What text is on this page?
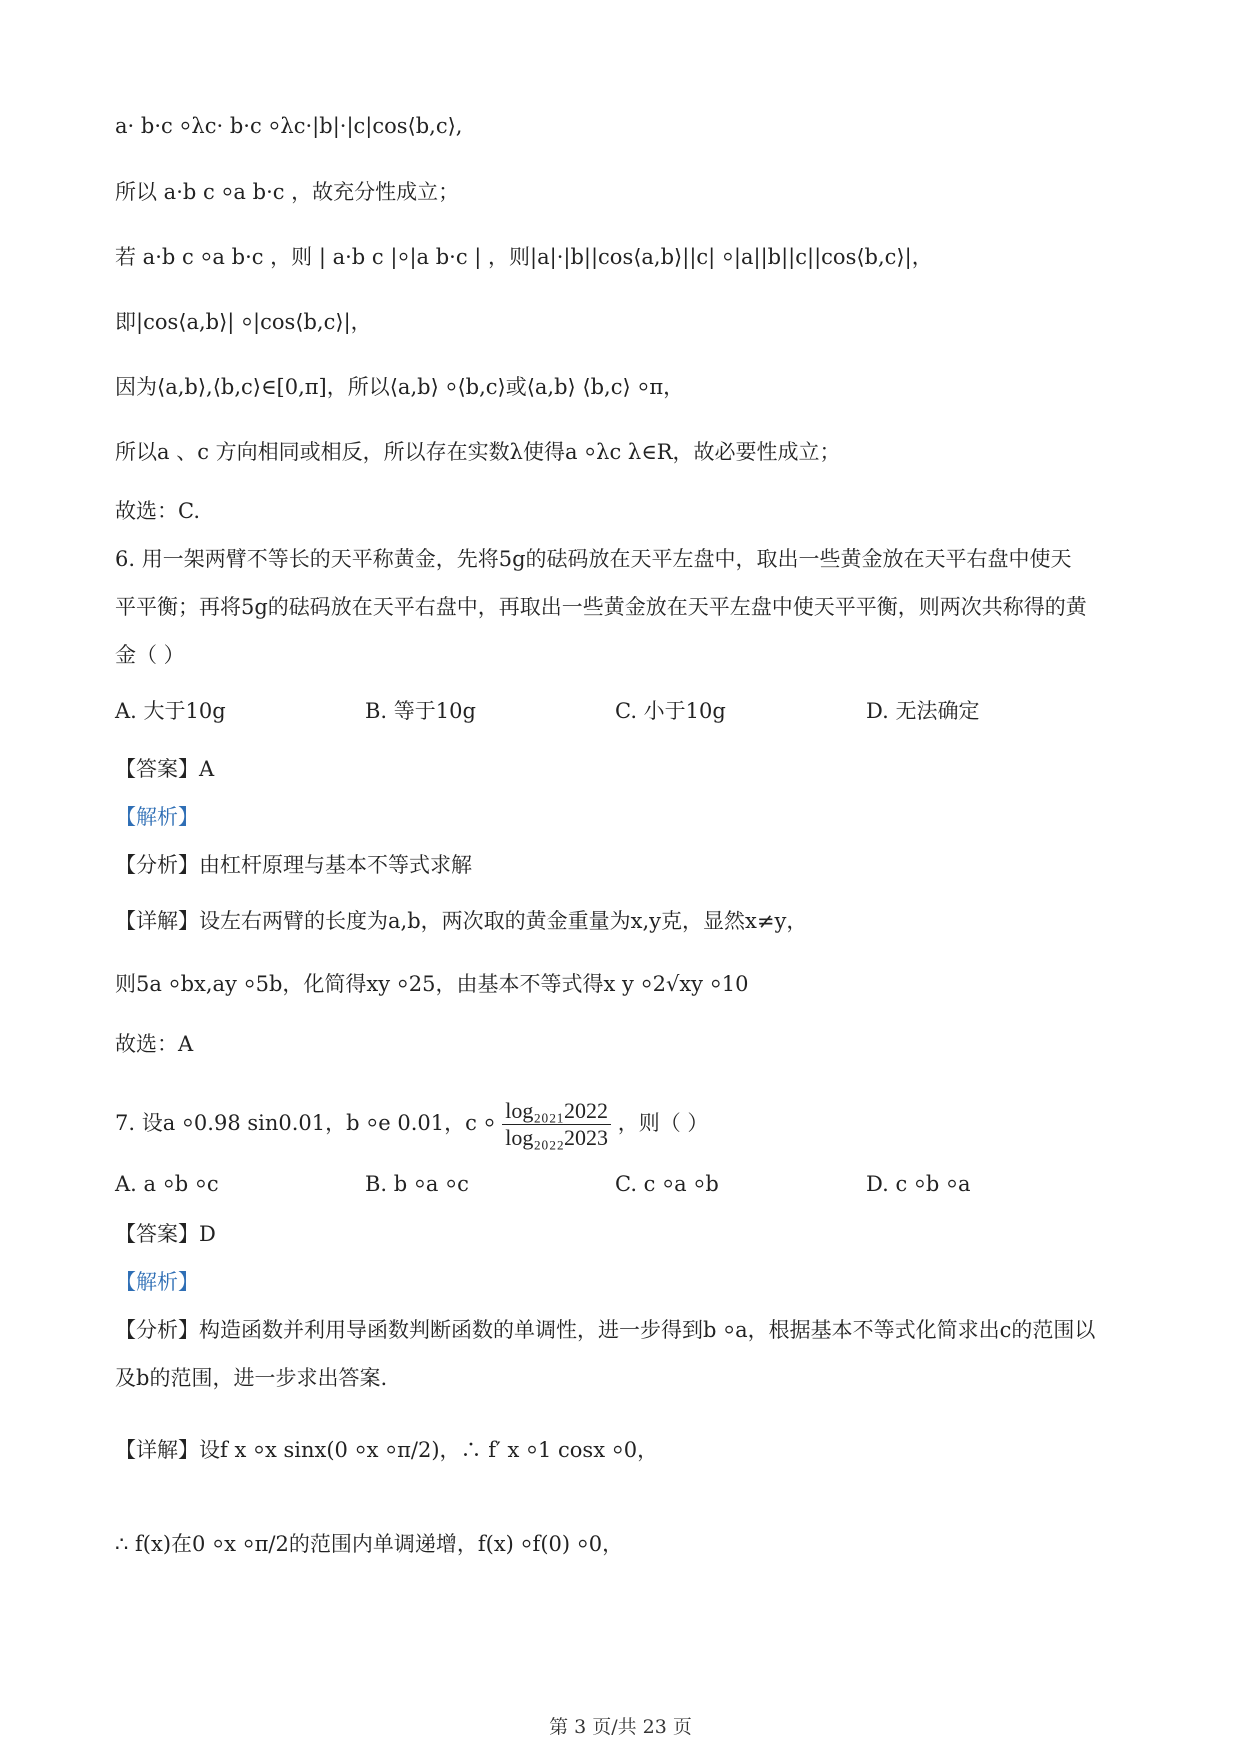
a· b·c ⸰λc· b·c ⸰λc·|b|·|c|cos⟨b,c⟩,
所以 a·b c ⸰a b·c ，故充分性成立；
若 a·b c ⸰a b·c ，则 | a·b c |⸰|a b·c | ，则|a|·|b||cos⟨a,b⟩||c| ⸰|a||b||c||cos⟨b,c⟩|，
即|cos⟨a,b⟩| ⸰|cos⟨b,c⟩|，
因为⟨a,b⟩,⟨b,c⟩∈[0,π]，所以⟨a,b⟩ ⸰⟨b,c⟩或⟨a,b⟩ ⟨b,c⟩ ⸰π，
所以a 、c 方向相同或相反，所以存在实数λ使得a ⸰λc λ∈R，故必要性成立；
故选：C.
6. 用一架两臂不等长的天平称黄金，先将5g的砝码放在天平左盘中，取出一些黄金放在天平右盘中使天
平平衡；再将5g的砝码放在天平右盘中，再取出一些黄金放在天平左盘中使天平平衡，则两次共称得的黄
金（ ）
A. 大于10g	B. 等于10g	C. 小于10g	D. 无法确定
【答案】A
【解析】
【分析】由杠杆原理与基本不等式求解
【详解】设左右两臂的长度为a,b，两次取的黄金重量为x,y克，显然x≠y，
则5a ⸰bx,ay ⸰5b，化简得xy ⸰25，由基本不等式得x y ⸰2√xy ⸰10
故选：A
7. 设a ⸰0.98 sin0.01，b ⸰e 0.01，c ⸰ $\frac{\text{log₂₀₂₁2022}}{\text{log₂₀₂₂2023}}$ ，则（ ）
A. a ⸰b ⸰c	B. b ⸰a ⸰c	C. c ⸰a ⸰b	D. c ⸰b ⸰a
【答案】D
【解析】
【分析】构造函数并利用导函数判断函数的单调性，进一步得到b ⸰a，根据基本不等式化简求出c的范围以
及b的范围，进一步求出答案.
【详解】设f x ⸰x sinx(0 ⸰x ⸰π/2)，∴ f′ x ⸰1 cosx ⸰0，
∴ f(x)在0 ⸰x ⸰π/2的范围内单调递增，f(x) ⸰f(0) ⸰0，
第 3 页/共 23 页
